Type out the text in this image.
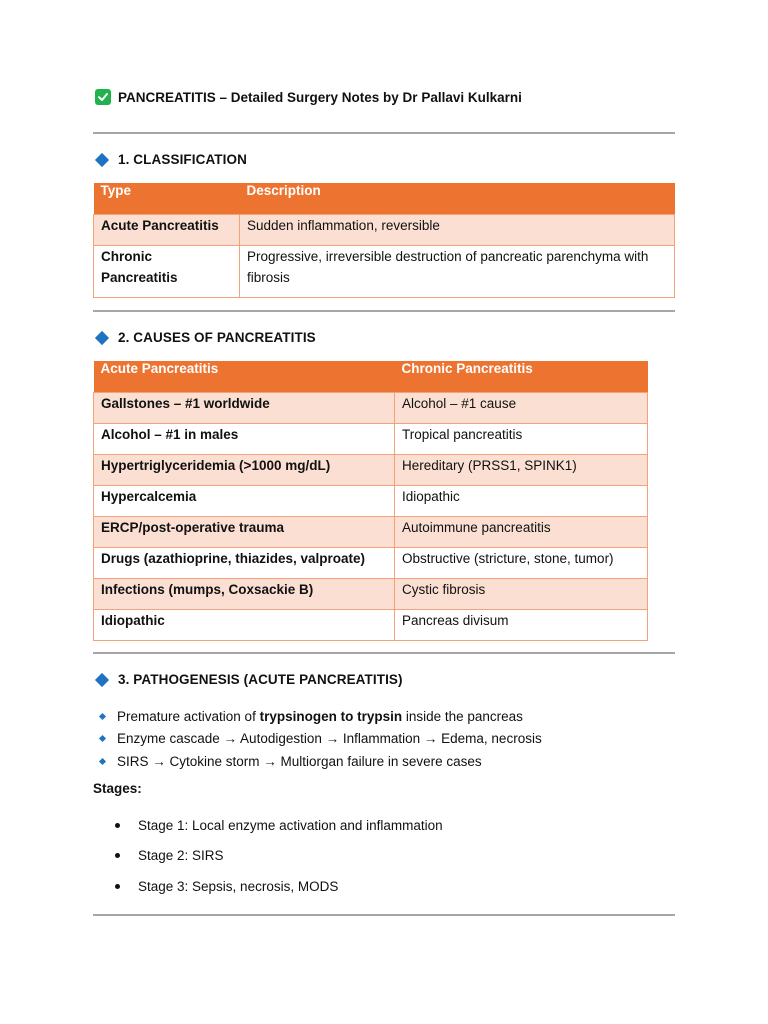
PANCREATITIS – Detailed Surgery Notes by Dr Pallavi Kulkarni
1. CLASSIFICATION
Type	Description
Acute Pancreatitis	Sudden inflammation, reversible
Chronic Pancreatitis	Progressive, irreversible destruction of pancreatic parenchyma with fibrosis
2. CAUSES OF PANCREATITIS
Acute Pancreatitis	Chronic Pancreatitis
Gallstones – #1 worldwide	Alcohol – #1 cause
Alcohol – #1 in males	Tropical pancreatitis
Hypertriglyceridemia (>1000 mg/dL)	Hereditary (PRSS1, SPINK1)
Hypercalcemia	Idiopathic
ERCP/post-operative trauma	Autoimmune pancreatitis
Drugs (azathioprine, thiazides, valproate)	Obstructive (stricture, stone, tumor)
Infections (mumps, Coxsackie B)	Cystic fibrosis
Idiopathic	Pancreas divisum
3. PATHOGENESIS (ACUTE PANCREATITIS)
Premature activation of trypsinogen to trypsin inside the pancreas
Enzyme cascade → Autodigestion → Inflammation → Edema, necrosis
SIRS → Cytokine storm → Multiorgan failure in severe cases
Stages:
Stage 1: Local enzyme activation and inflammation
Stage 2: SIRS
Stage 3: Sepsis, necrosis, MODS
